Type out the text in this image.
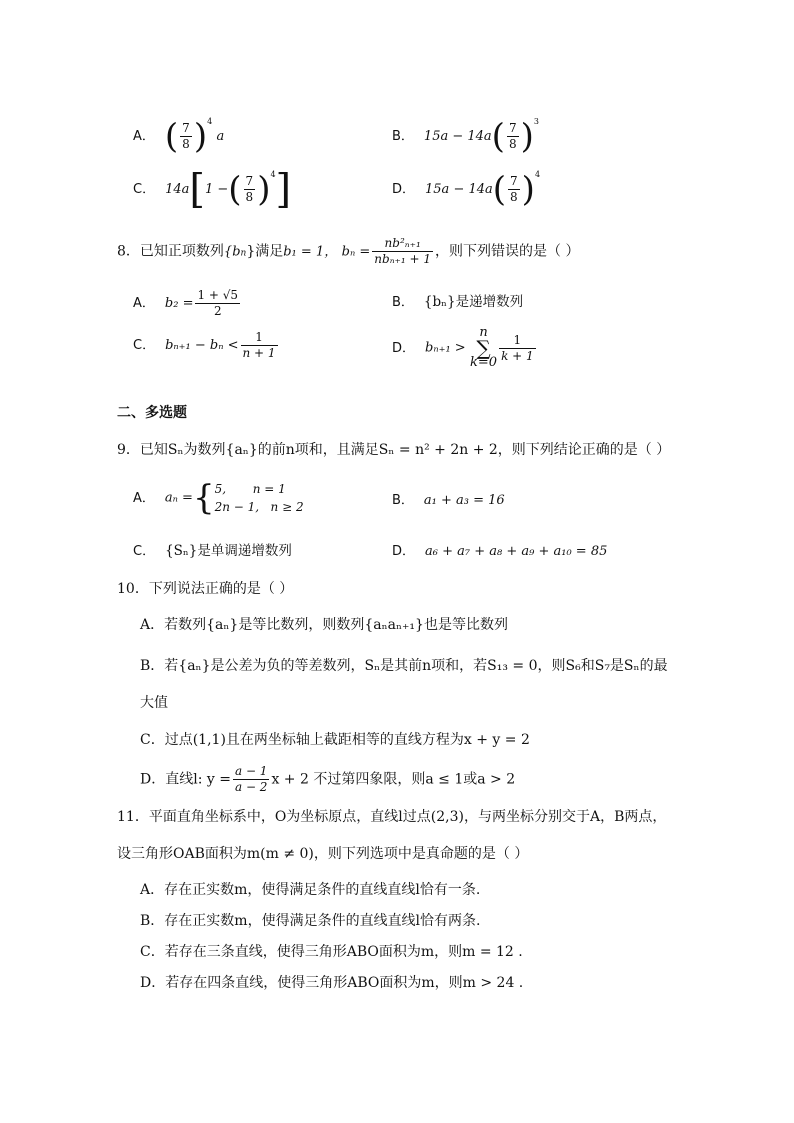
A． ( $\frac{7}{8} )^4$ a	B． $15a - 14a( \frac{7}{8} )^3$
C． 14a[1 −( $\frac{7}{8} )^4$]	D． $15a - 14a( \frac{7}{8} )^4$
8．已知正项数列{bn}满足b₁ = 1， $b_n = \frac{\text{nb²ₙ₊₁}}{\text{nbₙ₊₁ + 1}}$ ，则下列错误的是（ ）
A． $b_2 = \frac{1 + √5}{2}$	B． {bₙ}是递增数列
C． $b_{n+1} - b_n < \frac{1}{n + 1}$	D． bₙ₊₁ >
n
∑
$k=0 \frac{1}{k + 1}$
二、多选题
9．已知Sₙ为数列{aₙ}的前n项和，且满足Sₙ = n² + 2n + 2，则下列结论正确的是（ ）
A． aₙ ={ 5,       n = 1
2n − 1,   n ≥ 2	B． a₁ + a₃ = 16
C． {Sₙ}是单调递增数列	D． a₆ + a₇ + a₈ + a₉ + a₁₀ = 85
10．下列说法正确的是（ ）
A．若数列{aₙ}是等比数列，则数列{aₙaₙ₊₁}也是等比数列
B．若{aₙ}是公差为负的等差数列，Sₙ是其前n项和，若S₁₃ = 0，则S₆和S₇是Sₙ的最
大值
C．过点(1,1)且在两坐标轴上截距相等的直线方程为x + y = 2
D．直线l: $y = \frac{a - 1}{a - 2}$ x + 2 不过第四象限，则a ≤ 1或a > 2
11．平面直角坐标系中，O为坐标原点，直线l过点(2,3)，与两坐标分别交于A，B两点，
设三角形OAB面积为m(m ≠ 0)，则下列选项中是真命题的是（ ）
A．存在正实数m，使得满足条件的直线直线l恰有一条.
B．存在正实数m，使得满足条件的直线直线l恰有两条.
C．若存在三条直线，使得三角形ABO面积为m，则m = 12 .
D．若存在四条直线，使得三角形ABO面积为m，则m > 24 .
